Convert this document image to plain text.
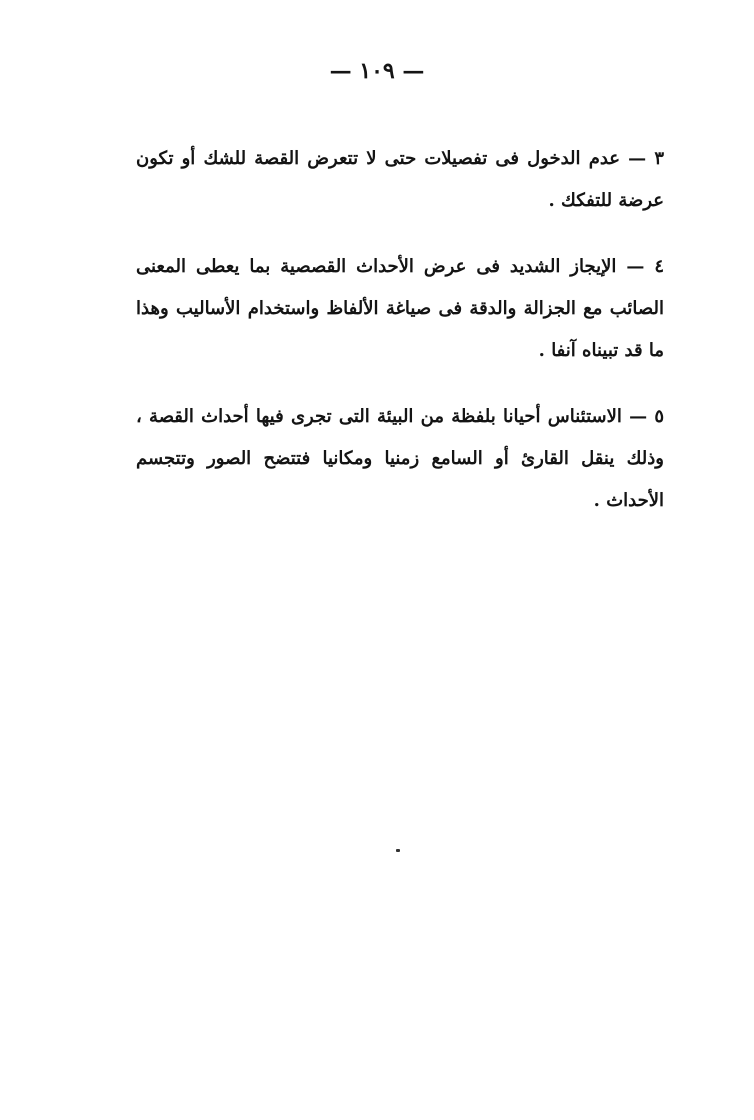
— ١٠٩ —

٣ — عدم الدخول فى تفصيلات حتى لا تتعرض القصة للشك أو تكون عرضة للتفكك .

٤ — الإيجاز الشديد فى عرض الأحداث القصصية بما يعطى المعنى الصائب مع الجزالة والدقة فى صياغة الألفاظ واستخدام الأساليب وهذا ما قد تبيناه آنفا .

٥ — الاستئناس أحيانا بلفظة من البيئة التى تجرى فيها أحداث القصة ، وذلك ينقل القارئ أو السامع زمنيا ومكانيا فتتضح الصور وتتجسم الأحداث .
